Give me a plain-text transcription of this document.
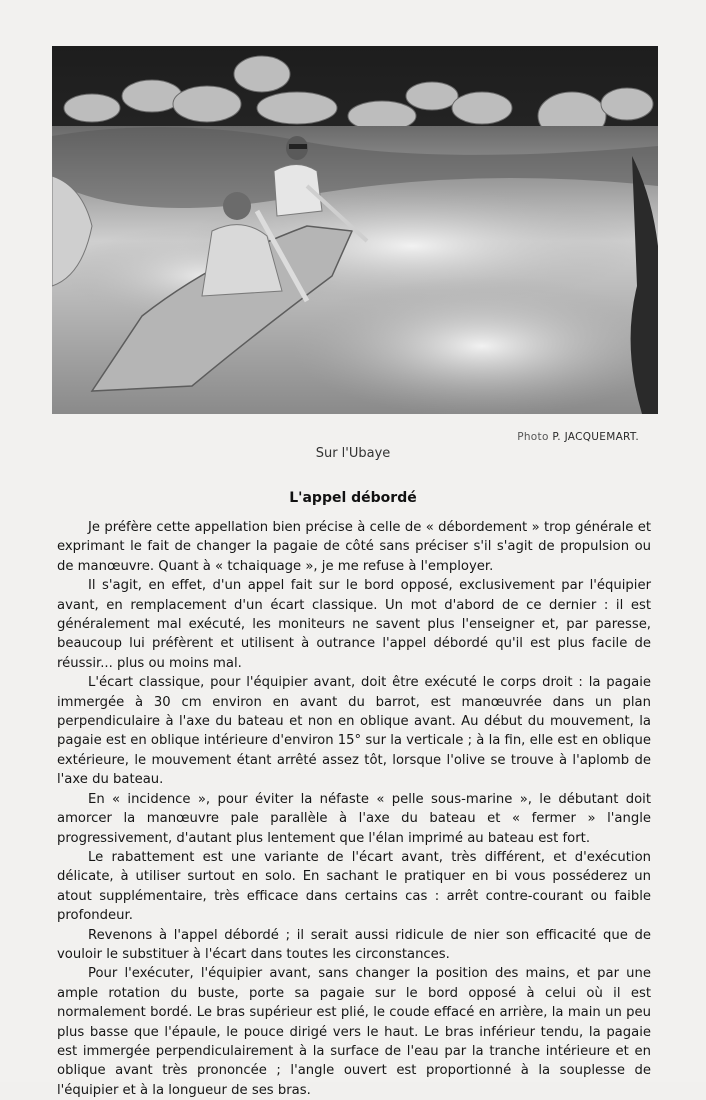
Photo P. JACQUEMART.
Sur l'Ubaye
L'appel débordé

Je préfère cette appellation bien précise à celle de « débordement » trop générale et exprimant le fait de changer la pagaie de côté sans préciser s'il s'agit de propulsion ou de manœuvre. Quant à « tchaiquage », je me refuse à l'employer.

Il s'agit, en effet, d'un appel fait sur le bord opposé, exclusivement par l'équipier avant, en remplacement d'un écart classique. Un mot d'abord de ce dernier : il est généralement mal exécuté, les moniteurs ne savent plus l'enseigner et, par paresse, beaucoup lui préfèrent et utilisent à outrance l'appel débordé qu'il est plus facile de réussir... plus ou moins mal.

L'écart classique, pour l'équipier avant, doit être exécuté le corps droit : la pagaie immergée à 30 cm environ en avant du barrot, est manœuvrée dans un plan perpendiculaire à l'axe du bateau et non en oblique avant. Au début du mouvement, la pagaie est en oblique intérieure d'environ 15° sur la verticale ; à la fin, elle est en oblique extérieure, le mouvement étant arrêté assez tôt, lorsque l'olive se trouve à l'aplomb de l'axe du bateau.

En « incidence », pour éviter la néfaste « pelle sous-marine », le débutant doit amorcer la manœuvre pale parallèle à l'axe du bateau et « fermer » l'angle progressivement, d'autant plus lentement que l'élan imprimé au bateau est fort.

Le rabattement est une variante de l'écart avant, très différent, et d'exécution délicate, à utiliser surtout en solo. En sachant le pratiquer en bi vous posséderez un atout supplémentaire, très efficace dans certains cas : arrêt contre-courant ou faible profondeur.

Revenons à l'appel débordé ; il serait aussi ridicule de nier son efficacité que de vouloir le substituer à l'écart dans toutes les circonstances.

Pour l'exécuter, l'équipier avant, sans changer la position des mains, et par une ample rotation du buste, porte sa pagaie sur le bord opposé à celui où il est normalement bordé. Le bras supérieur est plié, le coude effacé en arrière, la main un peu plus basse que l'épaule, le pouce dirigé vers le haut. Le bras inférieur tendu, la pagaie est immergée perpendiculairement à la surface de l'eau par la tranche intérieure et en oblique avant très prononcée ; l'angle ouvert est proportionné à la souplesse de l'équipier et à la longueur de ses bras.
